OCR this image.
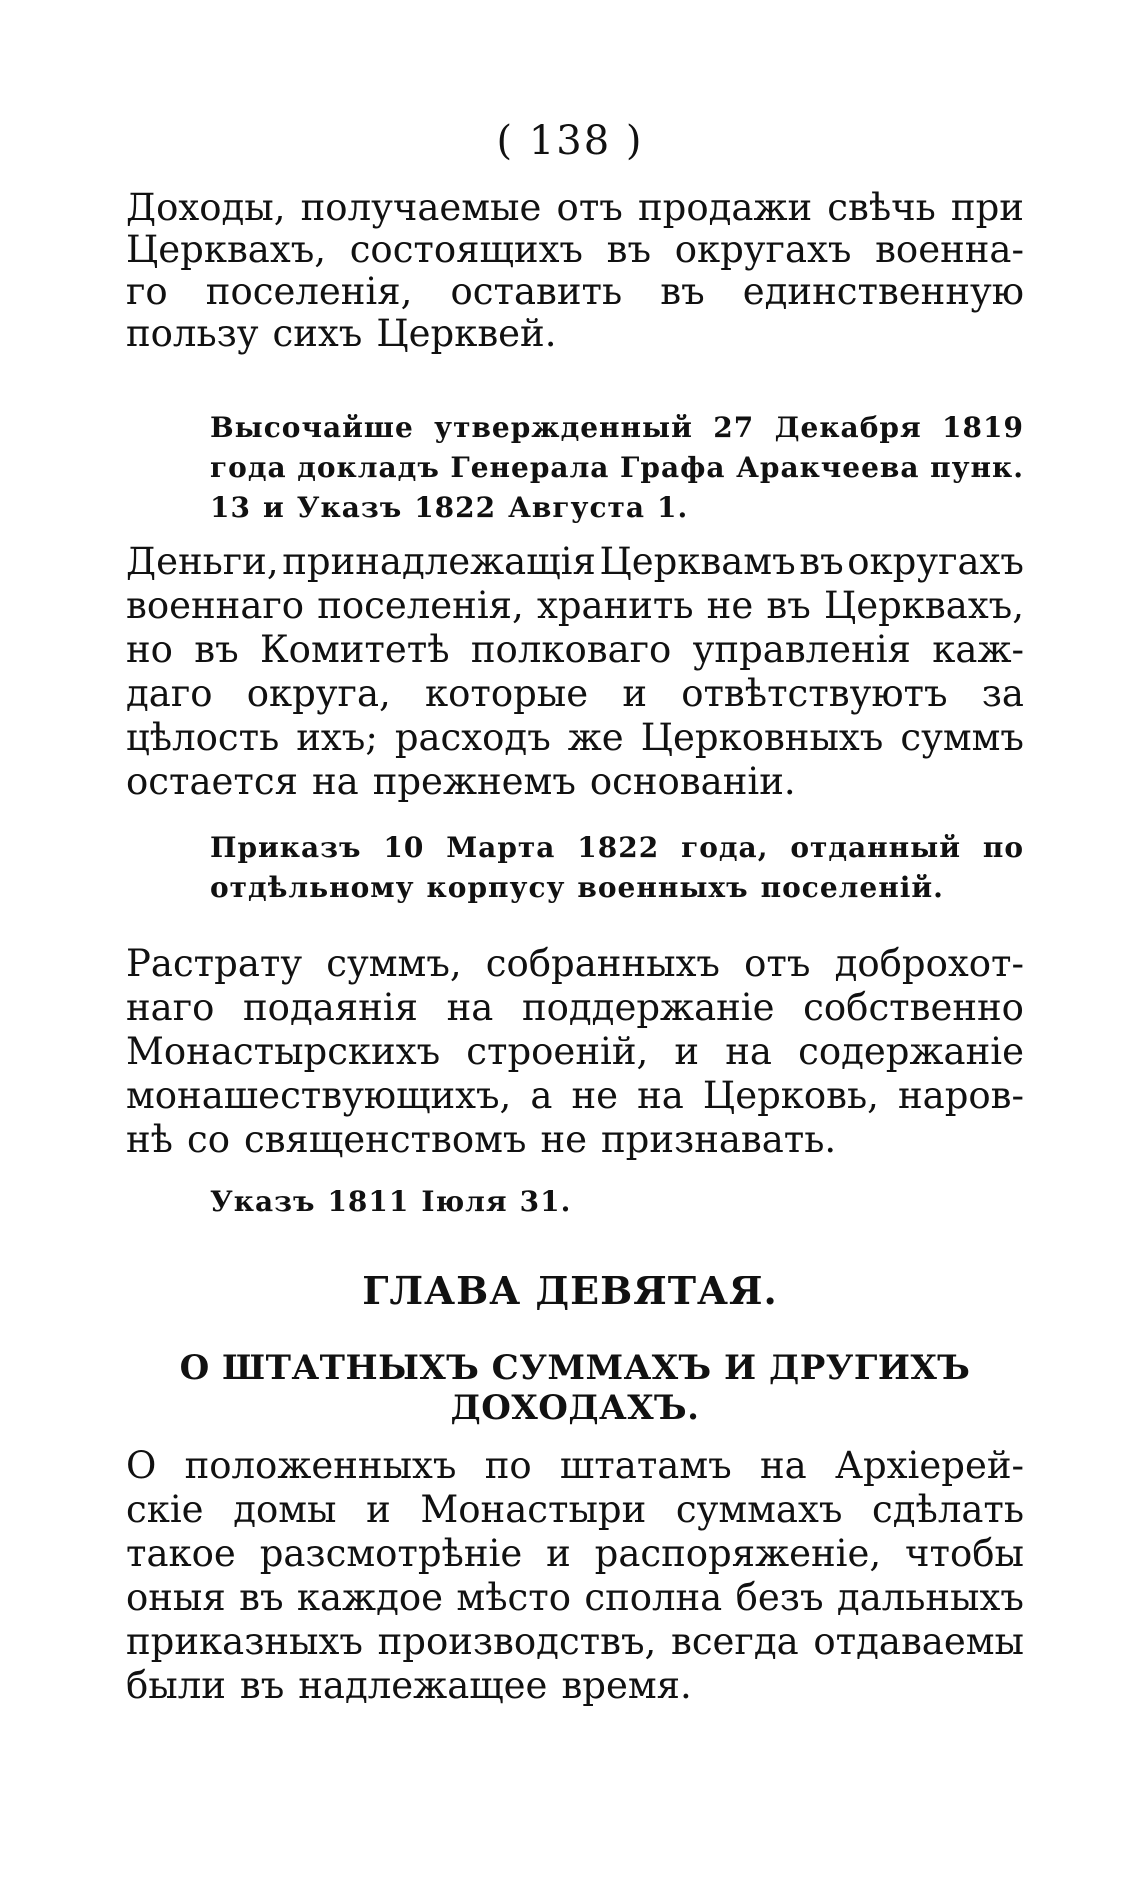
( 138 )
Доходы, получаемые отъ продажи свѣчь при
Церквахъ, состоящихъ въ округахъ военна-
го поселенія, оставить въ единственную
пользу сихъ Церквей.
Высочайше утвержденный 27 Декабря 1819
года докладъ Генерала Графа Аракчеева пунк.
13 и Указъ 1822 Августа 1.
Деньги, принадлежащія Церквамъ въ округахъ
военнаго поселенія, хранить не въ Церквахъ,
но въ Комитетѣ полковаго управленія каж-
даго округа, которые и отвѣтствуютъ за
цѣлость ихъ; расходъ же Церковныхъ суммъ
остается на прежнемъ основаніи.
Приказъ 10 Марта 1822 года, отданный по
отдѣльному корпусу военныхъ поселеній.
Растрату суммъ, собранныхъ отъ доброхот-
наго подаянія на поддержаніе собственно
Монастырскихъ строеній, и на содержаніе
монашествующихъ, а не на Церковь, наров-
нѣ со священствомъ не признавать.
Указъ 1811 Іюля 31.
ГЛАВА ДЕВЯТАЯ.
О ШТАТНЫХЪ СУММАХЪ И ДРУГИХЪ ДОХОДАХЪ.
О положенныхъ по штатамъ на Архіерей-
скіе домы и Монастыри суммахъ сдѣлать
такое разсмотрѣніе и распоряженіе, чтобы
оныя въ каждое мѣсто сполна безъ дальныхъ
приказныхъ производствъ, всегда отдаваемы
были въ надлежащее время.
